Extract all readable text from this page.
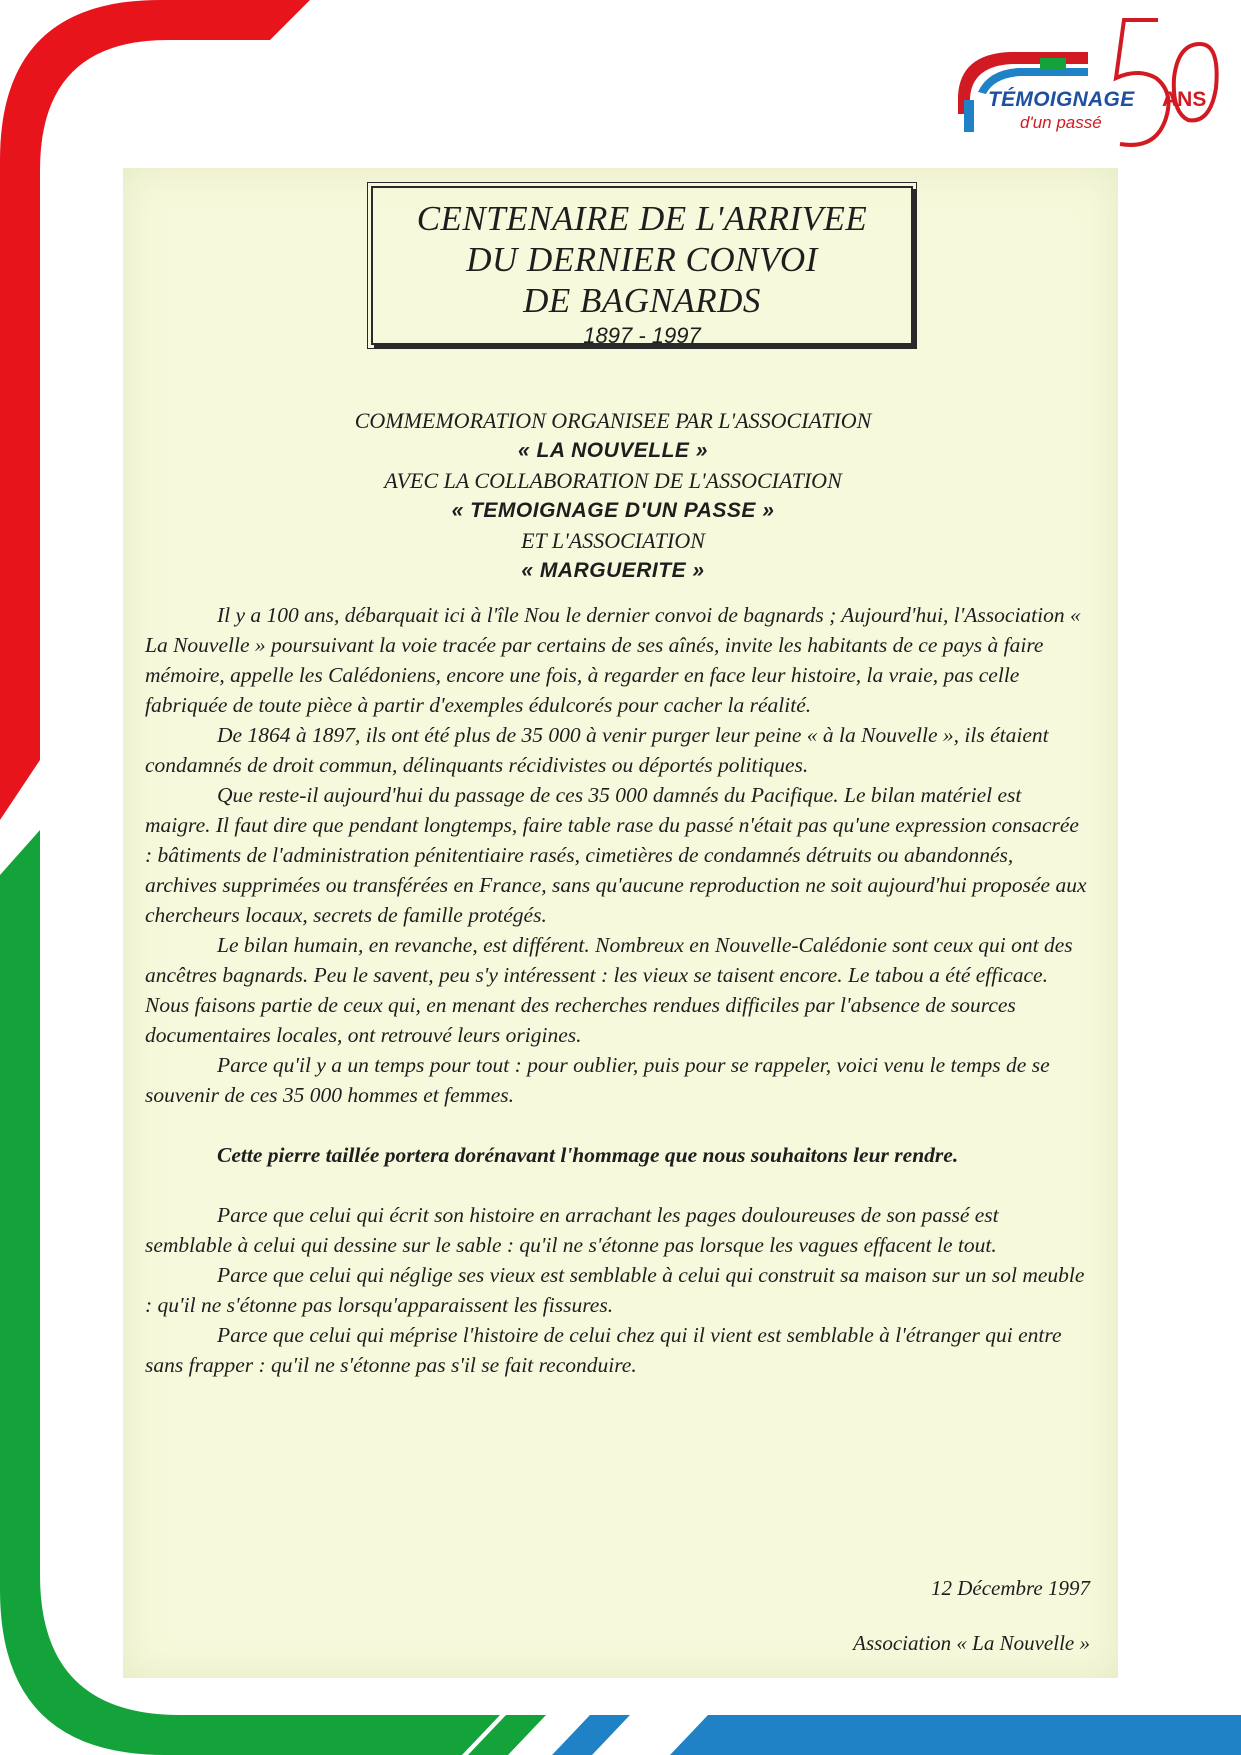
TÉMOIGNAGE
d'un passé
ANS
CENTENAIRE DE L'ARRIVEE
DU DERNIER CONVOI
DE BAGNARDS
1897 - 1997
COMMEMORATION ORGANISEE PAR L'ASSOCIATION
« LA NOUVELLE »
AVEC LA COLLABORATION DE L'ASSOCIATION
« TEMOIGNAGE D'UN PASSE »
ET L'ASSOCIATION
« MARGUERITE »

Il y a 100 ans, débarquait ici à l'île Nou le dernier convoi de bagnards ; Aujourd'hui, l'Association « La Nouvelle » poursuivant la voie tracée par certains de ses aînés, invite les habitants de ce pays à faire mémoire, appelle les Calédoniens, encore une fois, à regarder en face leur histoire, la vraie, pas celle fabriquée de toute pièce à partir d'exemples édulcorés pour cacher la réalité.

De 1864 à 1897, ils ont été plus de 35 000 à venir purger leur peine « à la Nouvelle », ils étaient condamnés de droit commun, délinquants récidivistes ou déportés politiques.

Que reste-il aujourd'hui du passage de ces 35 000 damnés du Pacifique. Le bilan matériel est maigre. Il faut dire que pendant longtemps, faire table rase du passé n'était pas qu'une expression consacrée : bâtiments de l'administration pénitentiaire rasés, cimetières de condamnés détruits ou abandonnés, archives supprimées ou transférées en France, sans qu'aucune reproduction ne soit aujourd'hui proposée aux chercheurs locaux, secrets de famille protégés.

Le bilan humain, en revanche, est différent. Nombreux en Nouvelle-Calédonie sont ceux qui ont des ancêtres bagnards. Peu le savent, peu s'y intéressent : les vieux se taisent encore. Le tabou a été efficace. Nous faisons partie de ceux qui, en menant des recherches rendues difficiles par l'absence de sources documentaires locales, ont retrouvé leurs origines.

Parce qu'il y a un temps pour tout : pour oublier, puis pour se rappeler, voici venu le temps de se souvenir de ces 35 000 hommes et femmes.

Cette pierre taillée portera dorénavant l'hommage que nous souhaitons leur rendre.

Parce que celui qui écrit son histoire en arrachant les pages douloureuses de son passé est semblable à celui qui dessine sur le sable : qu'il ne s'étonne pas lorsque les vagues effacent le tout.

Parce que celui qui néglige ses vieux est semblable à celui qui construit sa maison sur un sol meuble : qu'il ne s'étonne pas lorsqu'apparaissent les fissures.

Parce que celui qui méprise l'histoire de celui chez qui il vient est semblable à l'étranger qui entre sans frapper : qu'il ne s'étonne pas s'il se fait reconduire.

12 Décembre 1997
Association « La Nouvelle »
